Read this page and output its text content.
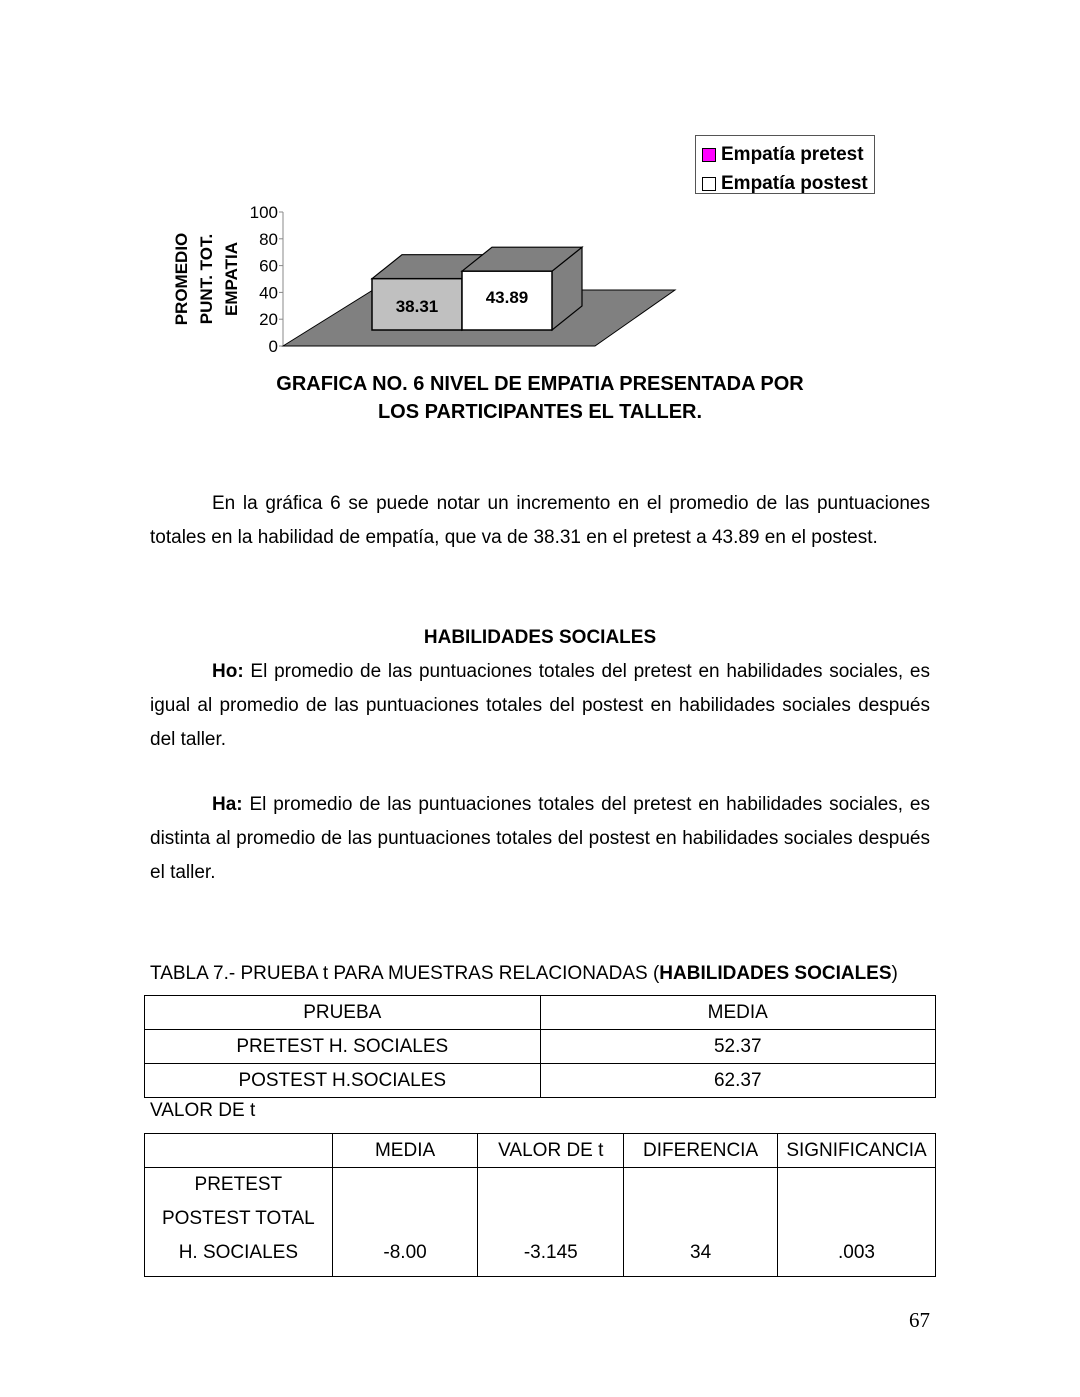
0
20
40
60
80
100
PROMEDIO PUNT. TOT. EMPATIA	38.31	43.89
Empatía pretest
Empatía postest
GRAFICA NO. 6 NIVEL DE EMPATIA PRESENTADA POR
LOS PARTICIPANTES EL TALLER.
En la gráfica 6 se puede notar un incremento en el promedio de las puntuaciones totales en la habilidad de empatía, que va de 38.31 en el pretest a 43.89 en el postest.
HABILIDADES SOCIALES
Ho: El promedio de las puntuaciones totales del pretest en habilidades sociales, es igual al promedio de las puntuaciones totales del postest en habilidades sociales después del taller.
Ha: El promedio de las puntuaciones totales del pretest en habilidades sociales, es distinta al promedio de las puntuaciones totales del postest en habilidades sociales después el taller.
TABLA 7.- PRUEBA t PARA MUESTRAS RELACIONADAS (HABILIDADES SOCIALES)
PRUEBA	MEDIA
PRETEST H. SOCIALES	52.37
POSTEST H.SOCIALES	62.37
VALOR DE t
	MEDIA	VALOR DE t	DIFERENCIA	SIGNIFICANCIA

PRETEST
POSTEST TOTAL
H. SOCIALES	-8.00	-3.145	34	.003
67
